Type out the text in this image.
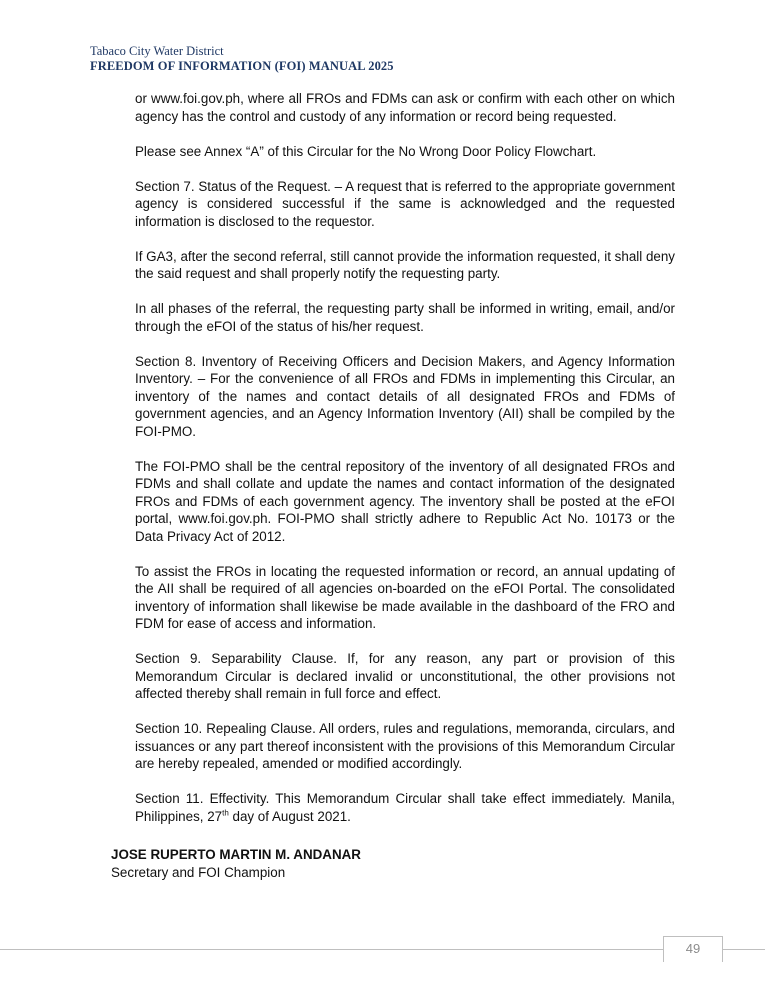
Tabaco City Water District
FREEDOM OF INFORMATION (FOI) MANUAL 2025

or www.foi.gov.ph, where all FROs and FDMs can ask or confirm with each other on which agency has the control and custody of any information or record being requested.

Please see Annex “A” of this Circular for the No Wrong Door Policy Flowchart.

Section 7. Status of the Request. – A request that is referred to the appropriate government agency is considered successful if the same is acknowledged and the requested information is disclosed to the requestor.

If GA3, after the second referral, still cannot provide the information requested, it shall deny the said request and shall properly notify the requesting party.

In all phases of the referral, the requesting party shall be informed in writing, email, and/or through the eFOI of the status of his/her request.

Section 8. Inventory of Receiving Officers and Decision Makers, and Agency Information Inventory. – For the convenience of all FROs and FDMs in implementing this Circular, an inventory of the names and contact details of all designated FROs and FDMs of government agencies, and an Agency Information Inventory (AII) shall be compiled by the FOI-PMO.

The FOI-PMO shall be the central repository of the inventory of all designated FROs and FDMs and shall collate and update the names and contact information of the designated FROs and FDMs of each government agency. The inventory shall be posted at the eFOI portal, www.foi.gov.ph. FOI-PMO shall strictly adhere to Republic Act No. 10173 or the Data Privacy Act of 2012.

To assist the FROs in locating the requested information or record, an annual updating of the AII shall be required of all agencies on-boarded on the eFOI Portal. The consolidated inventory of information shall likewise be made available in the dashboard of the FRO and FDM for ease of access and information.

Section 9. Separability Clause. If, for any reason, any part or provision of this Memorandum Circular is declared invalid or unconstitutional, the other provisions not affected thereby shall remain in full force and effect.

Section 10. Repealing Clause. All orders, rules and regulations, memoranda, circulars, and issuances or any part thereof inconsistent with the provisions of this Memorandum Circular are hereby repealed, amended or modified accordingly.

Section 11. Effectivity. This Memorandum Circular shall take effect immediately. Manila, Philippines, 27th day of August 2021.

JOSE RUPERTO MARTIN M. ANDANAR
Secretary and FOI Champion
49
